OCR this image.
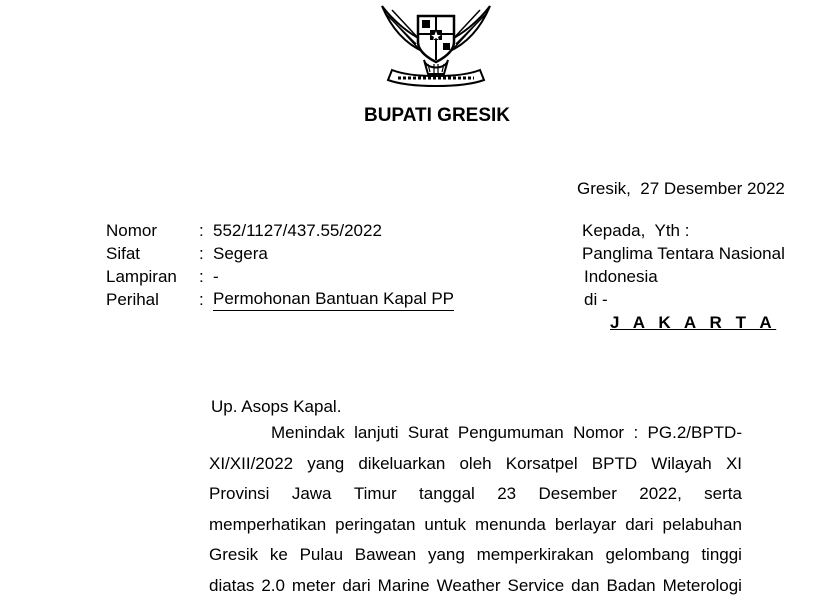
BUPATI GRESIK
Gresik,  27 Desember 2022
Nomor : 552/1127/437.55/2022
Sifat	: Segera
Lampiran : -
Perihal : Permohonan Bantuan Kapal PP
Kepada,  Yth :
Panglima Tentara Nasional
Indonesia
di -
J A K A R T A
Up. Asops Kapal.
Menindak lanjuti Surat Pengumuman Nomor : PG.2/BPTD-
XI/XII/2022 yang dikeluarkan oleh Korsatpel BPTD Wilayah XI
Provinsi Jawa Timur tanggal 23 Desember 2022, serta
memperhatikan peringatan untuk menunda berlayar dari pelabuhan
Gresik ke Pulau Bawean yang memperkirakan gelombang tinggi
diatas 2.0 meter dari Marine Weather Service dan Badan Meterologi
